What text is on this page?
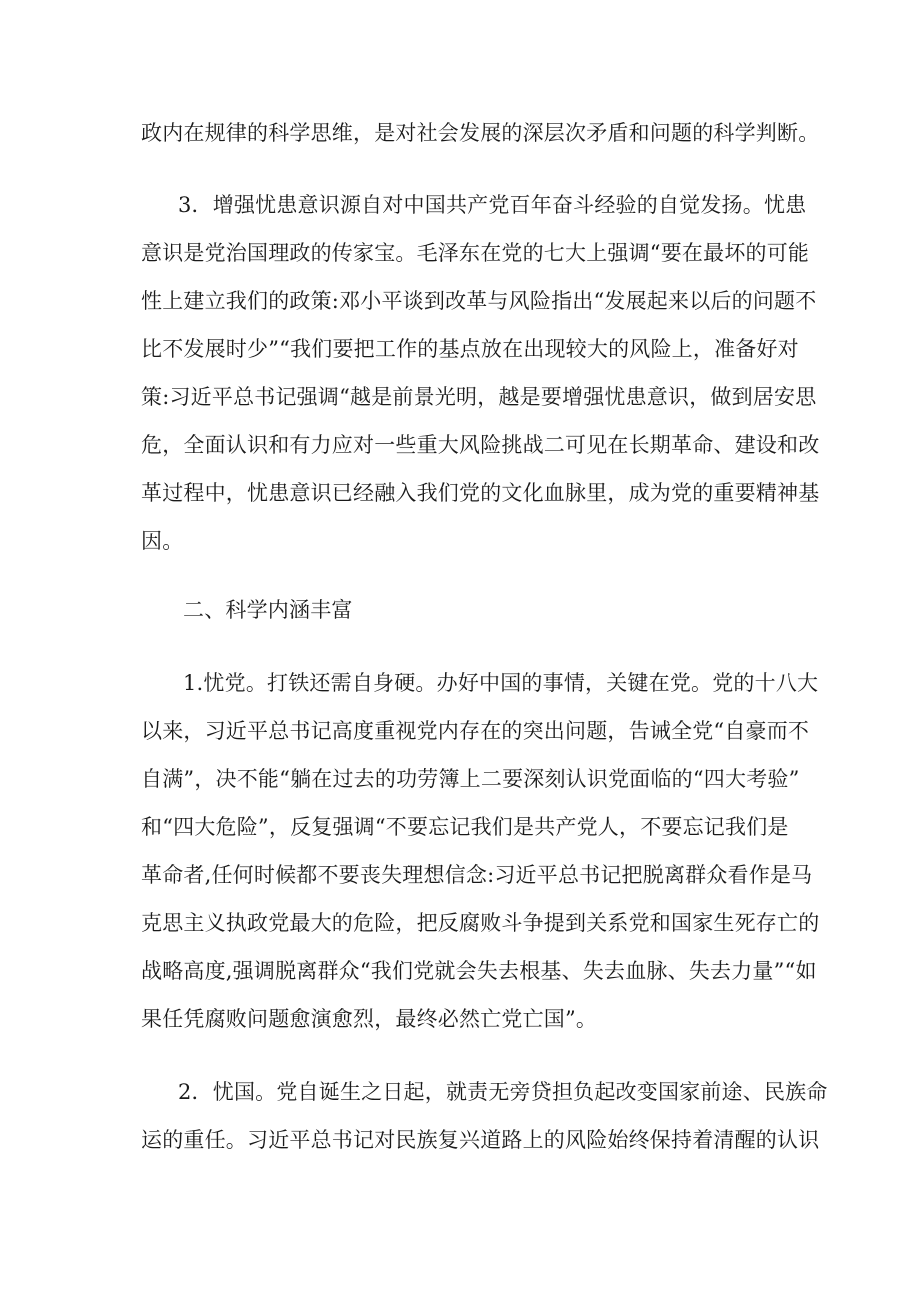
政内在规律的科学思维，是对社会发展的深层次矛盾和问题的科学判断。
3．增强忧患意识源自对中国共产党百年奋斗经验的自觉发扬。忧患
意识是党治国理政的传家宝。毛泽东在党的七大上强调“要在最坏的可能
性上建立我们的政策:邓小平谈到改革与风险指出“发展起来以后的问题不
比不发展时少”“我们要把工作的基点放在出现较大的风险上，准备好对
策:习近平总书记强调“越是前景光明，越是要增强忧患意识，做到居安思
危，全面认识和有力应对一些重大风险挑战二可见在长期革命、建设和改
革过程中，忧患意识已经融入我们党的文化血脉里，成为党的重要精神基
因。
二、科学内涵丰富
1.忧党。打铁还需自身硬。办好中国的事情，关键在党。党的十八大
以来，习近平总书记高度重视党内存在的突出问题，告诫全党“自豪而不
自满”，决不能“躺在过去的功劳簿上二要深刻认识党面临的“四大考验”
和“四大危险”，反复强调“不要忘记我们是共产党人，不要忘记我们是
革命者,任何时候都不要丧失理想信念:习近平总书记把脱离群众看作是马
克思主义执政党最大的危险，把反腐败斗争提到关系党和国家生死存亡的
战略高度,强调脱离群众“我们党就会失去根基、失去血脉、失去力量”“如
果任凭腐败问题愈演愈烈，最终必然亡党亡国”。
2．忧国。党自诞生之日起，就责无旁贷担负起改变国家前途、民族命
运的重任。习近平总书记对民族复兴道路上的风险始终保持着清醒的认识
